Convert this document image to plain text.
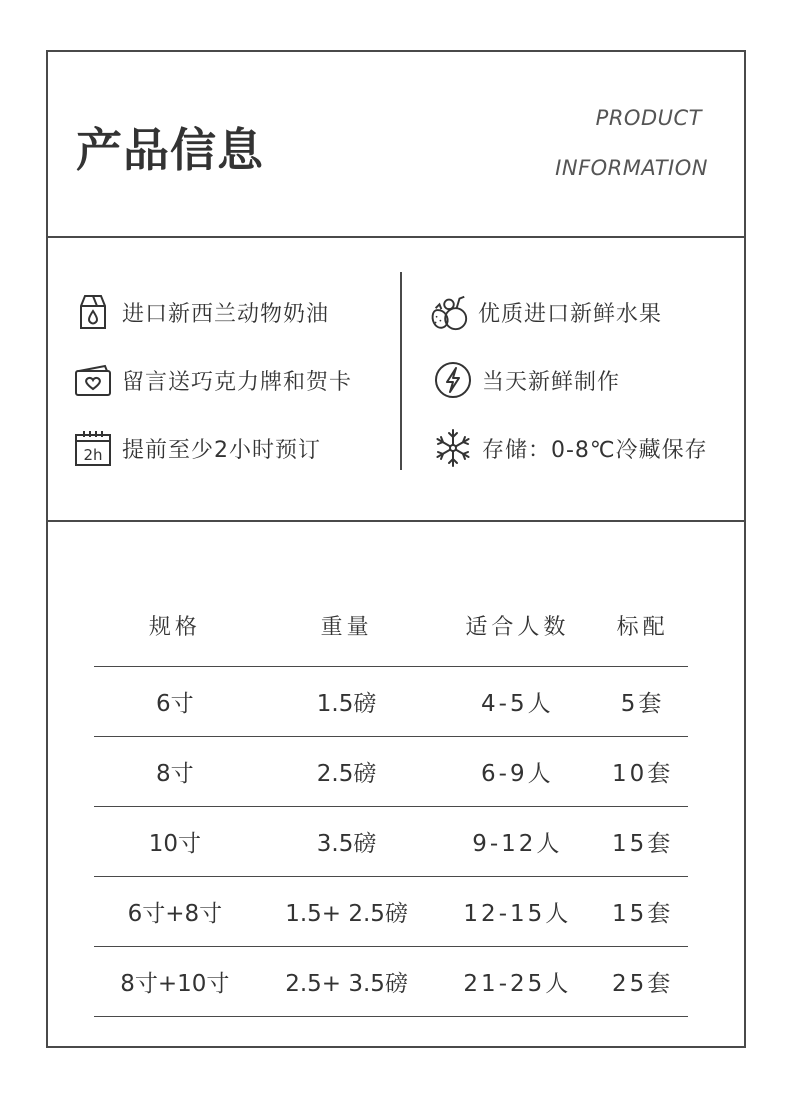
产品信息
PRODUCT
INFORMATION
进口新西兰动物奶油
留言送巧克力牌和贺卡
2h 提前至少2小时预订
优质进口新鲜水果
当天新鲜制作
存储：0-8℃冷藏保存
规格	重量	适合人数	标配
6寸	1.5磅	4-5人	5套
8寸	2.5磅	6-9人	10套
10寸	3.5磅	9-12人	15套
6寸+8寸	1.5+ 2.5磅	12-15人	15套
8寸+10寸	2.5+ 3.5磅	21-25人	25套
